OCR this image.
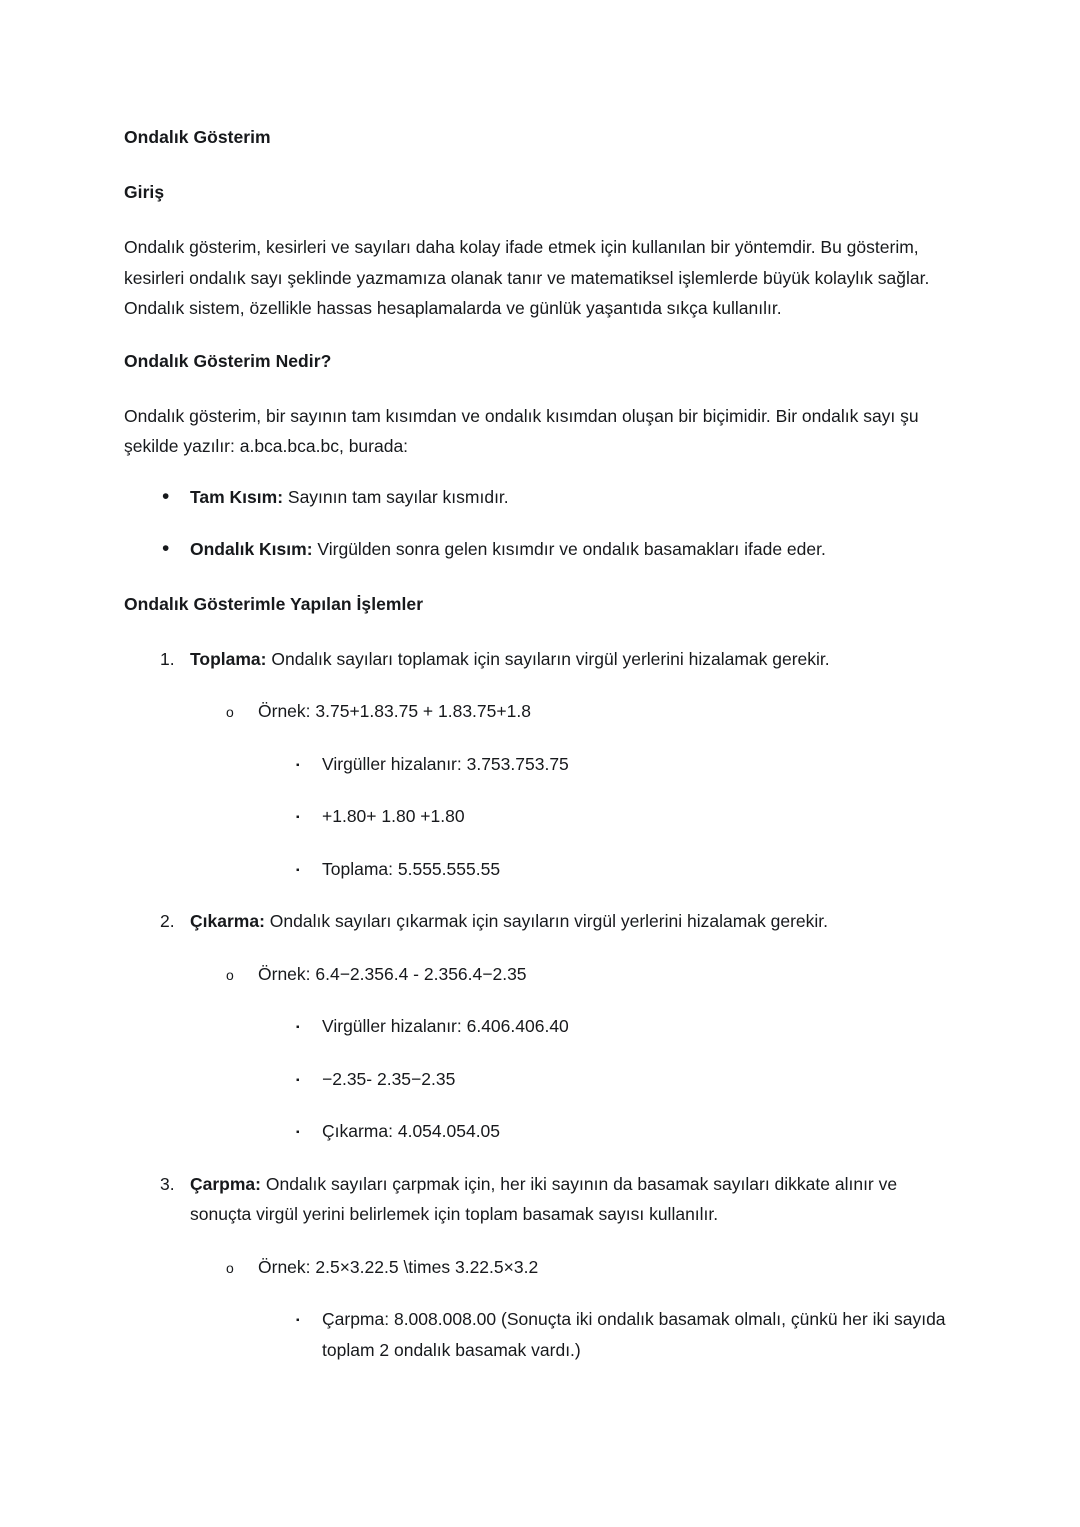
Ondalık Gösterim

Giriş

Ondalık gösterim, kesirleri ve sayıları daha kolay ifade etmek için kullanılan bir yöntemdir. Bu gösterim, kesirleri ondalık sayı şeklinde yazmamıza olanak tanır ve matematiksel işlemlerde büyük kolaylık sağlar. Ondalık sistem, özellikle hassas hesaplamalarda ve günlük yaşantıda sıkça kullanılır.

Ondalık Gösterim Nedir?

Ondalık gösterim, bir sayının tam kısımdan ve ondalık kısımdan oluşan bir biçimidir. Bir ondalık sayı şu şekilde yazılır: a.bca.bca.bc, burada:

•	Tam Kısım: Sayının tam sayılar kısmıdır.
•	Ondalık Kısım: Virgülden sonra gelen kısımdır ve ondalık basamakları ifade eder.

Ondalık Gösterimle Yapılan İşlemler

1. Toplama: Ondalık sayıları toplamak için sayıların virgül yerlerini hizalamak gerekir.
o	Örnek: 3.75+1.83.75 + 1.83.75+1.8
▪	Virgüller hizalanır: 3.753.753.75
▪	+1.80+ 1.80 +1.80
▪	Toplama: 5.555.555.55
2. Çıkarma: Ondalık sayıları çıkarmak için sayıların virgül yerlerini hizalamak gerekir.
o	Örnek: 6.4−2.356.4 - 2.356.4−2.35
▪	Virgüller hizalanır: 6.406.406.40
▪	−2.35- 2.35−2.35
▪	Çıkarma: 4.054.054.05
3. Çarpma: Ondalık sayıları çarpmak için, her iki sayının da basamak sayıları dikkate alınır ve sonuçta virgül yerini belirlemek için toplam basamak sayısı kullanılır.
o	Örnek: 2.5×3.22.5 \times 3.22.5×3.2
▪	Çarpma: 8.008.008.00 (Sonuçta iki ondalık basamak olmalı, çünkü her iki sayıda toplam 2 ondalık basamak vardı.)
